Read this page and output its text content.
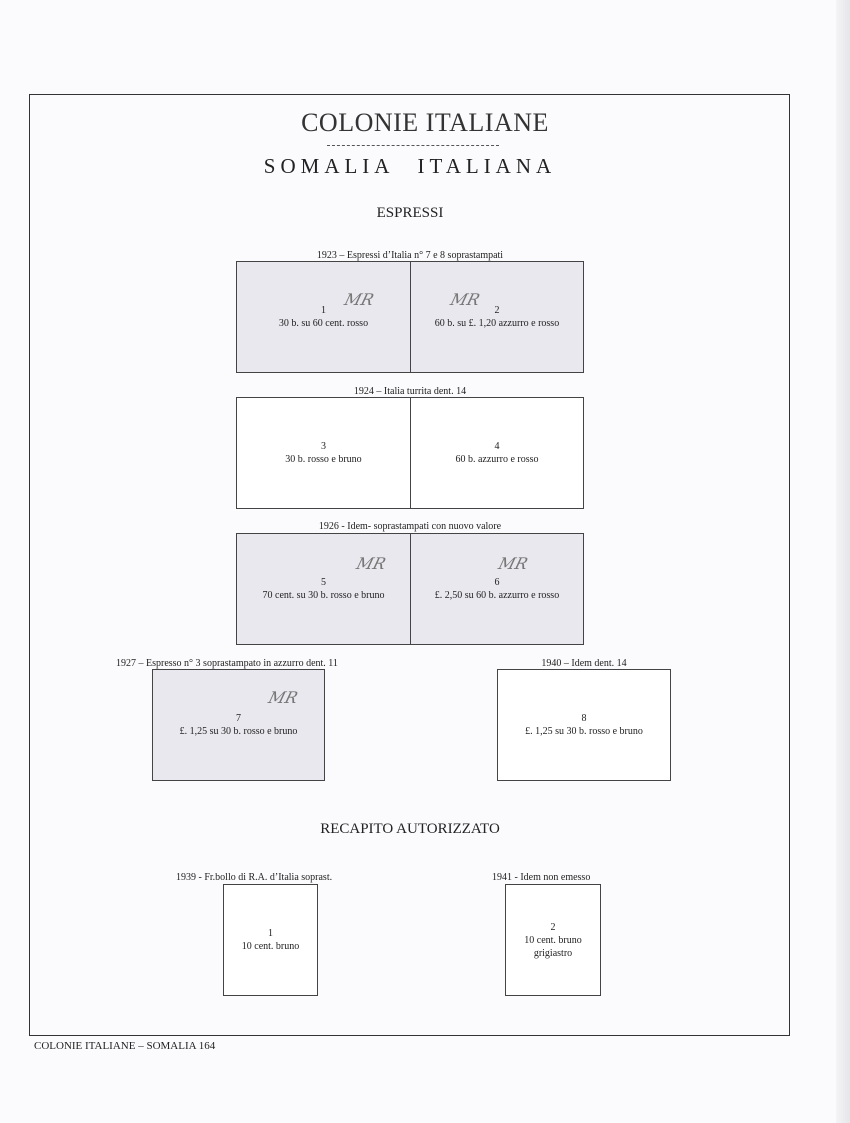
COLONIE ITALIANE
SOMALIA ITALIANA
ESPRESSI
1923 – Espressi d’Italia n° 7 e 8 soprastampati
1
30 b. su 60 cent. rosso
2
60 b. su £. 1,20 azzurro e rosso
MR	MR
1924 – Italia turrita dent. 14
3
30 b. rosso e bruno
4
60 b. azzurro e rosso
1926 - Idem- soprastampati con nuovo valore
5
70 cent. su 30 b. rosso e bruno
6
£. 2,50 su 60 b. azzurro e rosso
MR	MR
1927 – Espresso n° 3 soprastampato in azzurro dent. 11
7
£. 1,25 su 30 b. rosso e bruno
MR
1940 – Idem dent. 14
8
£. 1,25 su 30 b. rosso e bruno
RECAPITO AUTORIZZATO
1939 - Fr.bollo di R.A. d’Italia soprast.
1
10 cent. bruno
1941 - Idem non emesso
2
10 cent. bruno
grigiastro
COLONIE ITALIANE – SOMALIA 164
